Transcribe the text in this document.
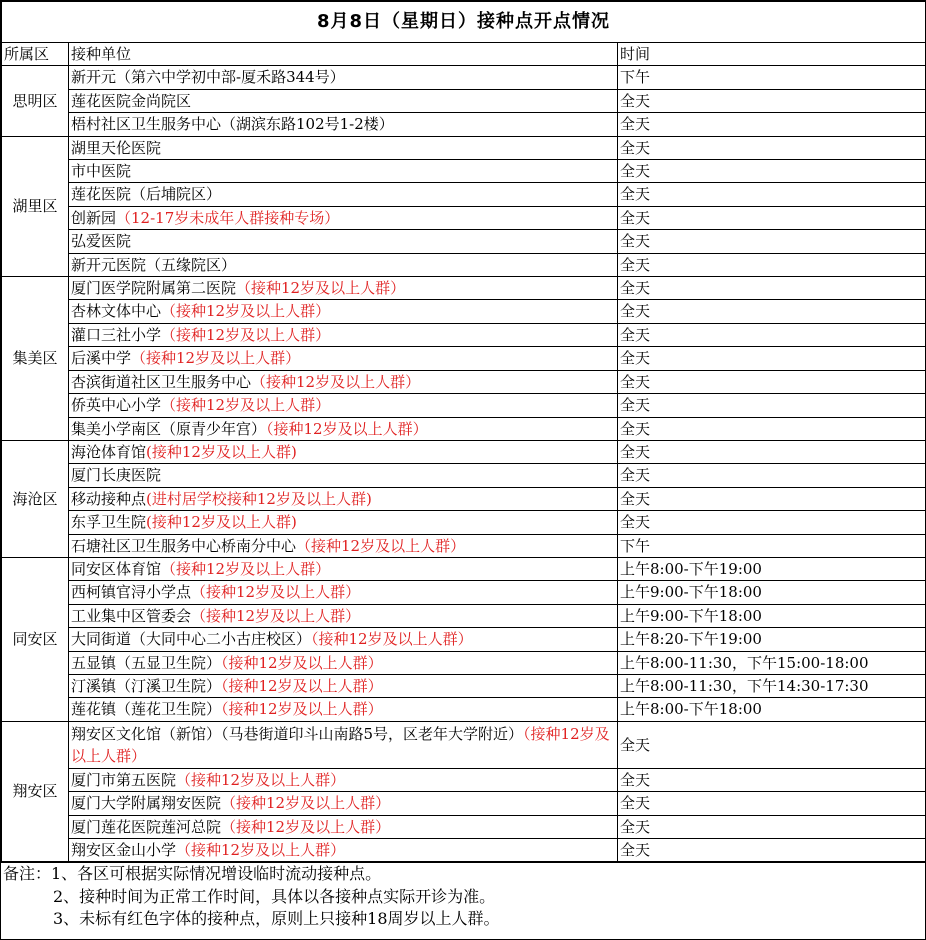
8月8日（星期日）接种点开点情况		
所属区	接种单位	时间
思明区	新开元（第六中学初中部-厦禾路344号）	下午
	莲花医院金尚院区	全天
	梧村社区卫生服务中心（湖滨东路102号1-2楼）	全天
湖里区	湖里天伦医院	全天
	市中医院	全天
	莲花医院（后埔院区）	全天
	创新园（12-17岁未成年人群接种专场）	全天
	弘爱医院	全天
	新开元医院（五缘院区）	全天
集美区	厦门医学院附属第二医院（接种12岁及以上人群）	全天
	杏林文体中心（接种12岁及以上人群）	全天
	灌口三社小学（接种12岁及以上人群）	全天
	后溪中学（接种12岁及以上人群）	全天
	杏滨街道社区卫生服务中心（接种12岁及以上人群）	全天
	侨英中心小学（接种12岁及以上人群）	全天
	集美小学南区（原青少年宫）（接种12岁及以上人群）	全天
海沧区	海沧体育馆(接种12岁及以上人群)	全天
	厦门长庚医院	全天
	移动接种点(进村居学校接种12岁及以上人群)	全天
	东孚卫生院(接种12岁及以上人群)	全天
	石塘社区卫生服务中心桥南分中心（接种12岁及以上人群）	下午
同安区	同安区体育馆（接种12岁及以上人群）	上午8:00-下午19:00
	西柯镇官浔小学点（接种12岁及以上人群）	上午9:00-下午18:00
	工业集中区管委会（接种12岁及以上人群）	上午9:00-下午18:00
	大同街道（大同中心二小古庄校区）（接种12岁及以上人群）	上午8:20-下午19:00
	五显镇（五显卫生院）（接种12岁及以上人群）	上午8:00-11:30，下午15:00-18:00
	汀溪镇（汀溪卫生院）（接种12岁及以上人群）	上午8:00-11:30，下午14:30-17:30
	莲花镇（莲花卫生院）（接种12岁及以上人群）	上午8:00-下午18:00
翔安区	翔安区文化馆（新馆）（马巷街道印斗山南路5号，区老年大学附近）（接种12岁及以上人群）	全天
	厦门市第五医院（接种12岁及以上人群）	全天
	厦门大学附属翔安医院（接种12岁及以上人群）	全天
	厦门莲花医院莲河总院（接种12岁及以上人群）	全天
	翔安区金山小学（接种12岁及以上人群）	全天
备注：1、各区可根据实际情况增设临时流动接种点。
2、接种时间为正常工作时间，具体以各接种点实际开诊为准。
3、未标有红色字体的接种点，原则上只接种18周岁以上人群。
